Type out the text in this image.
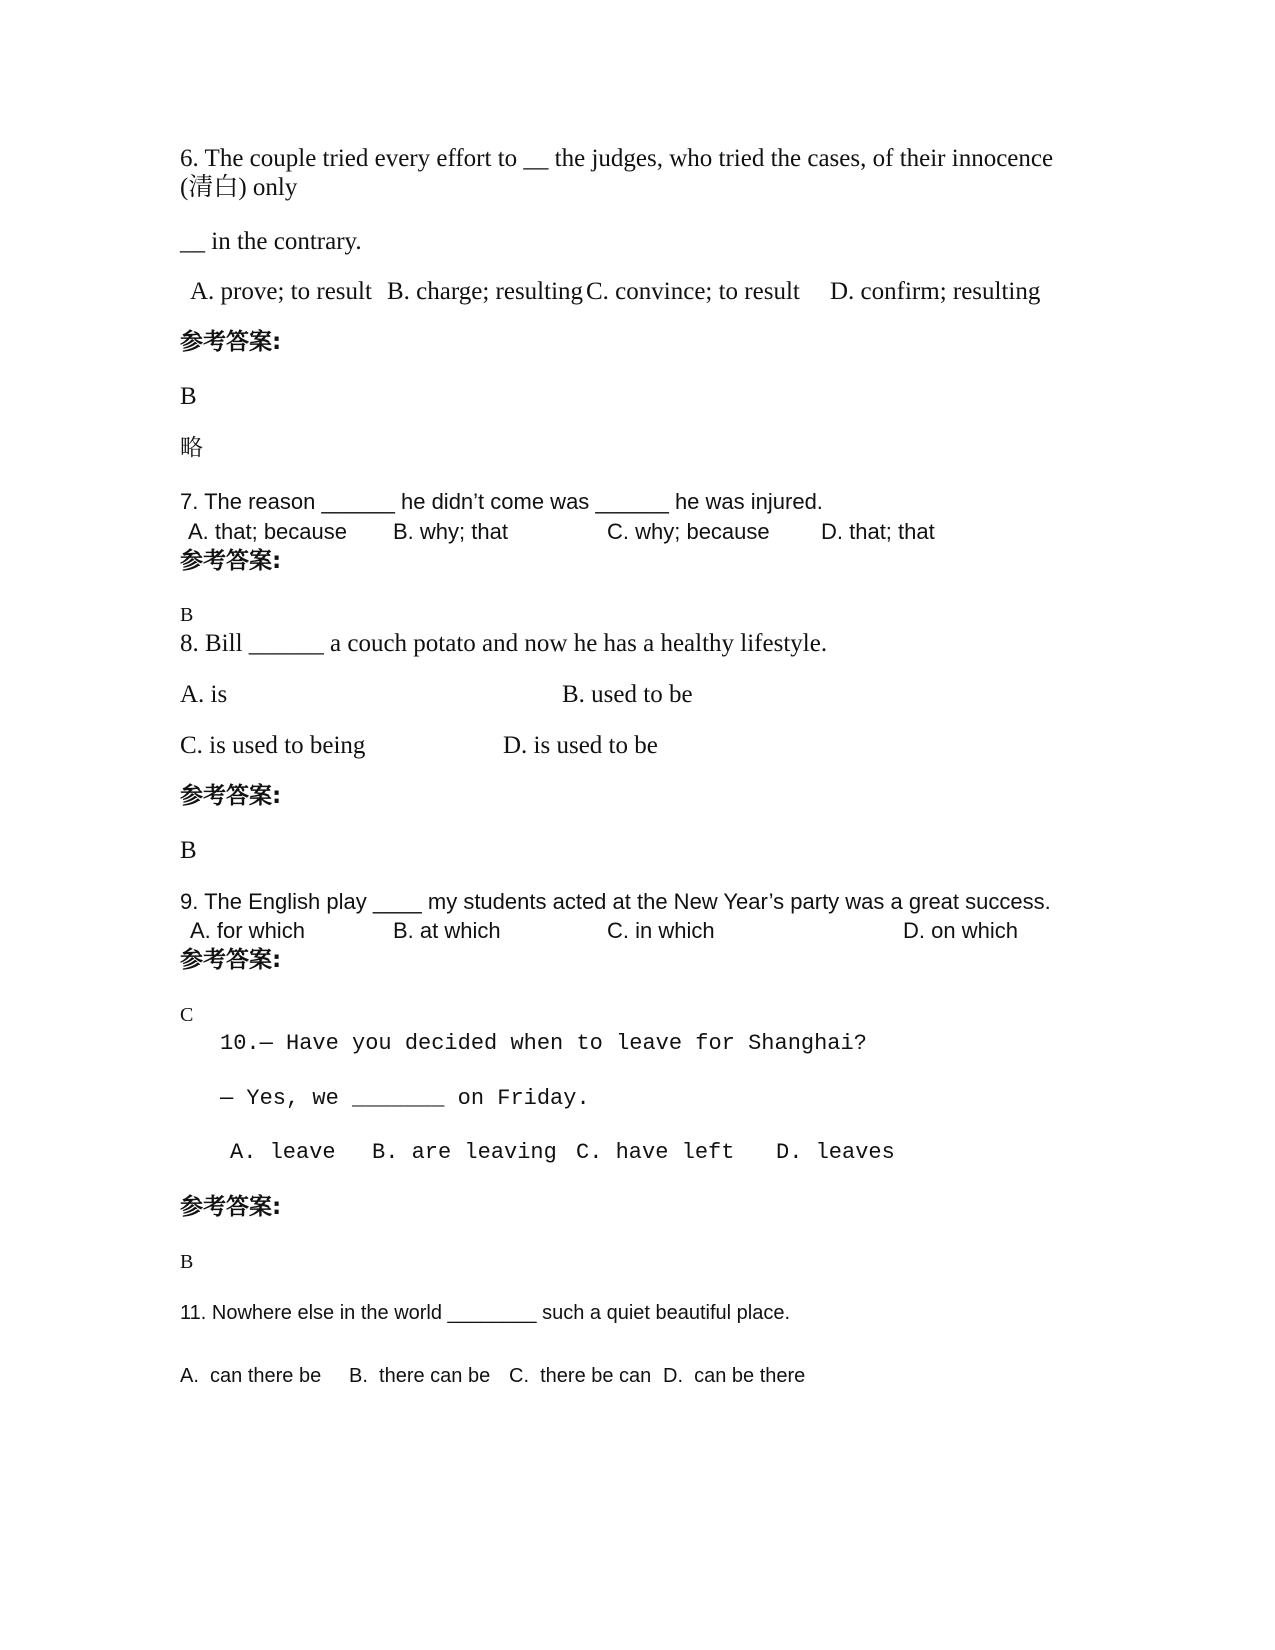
6. The couple tried every effort to __ the judges, who tried the cases, of their innocence
(清白) only
__ in the contrary.
A. prove; to result B. charge; resulting C. convince; to result D. confirm; resulting
参考答案:
B
略
7. The reason ______ he didn’t come was ______ he was injured.
A. that; because B. why; that	C. why; because D. that; that
参考答案:
B
8. Bill ______ a couch potato and now he has a healthy lifestyle.
A. is	B. used to be
C. is used to being	D. is used to be
参考答案:
B
9. The English play ____ my students acted at the New Year’s party was a great success.
A. for which	B. at which	C. in which	D. on which
参考答案:
C
10.— Have you decided when to leave for Shanghai?
— Yes, we _______ on Friday.
A. leave B. are leaving C. have left D. leaves
参考答案:
B
11. Nowhere else in the world ________ such a quiet beautiful place.
A.  can there be B.  there can be C.  there be can D.  can be there
